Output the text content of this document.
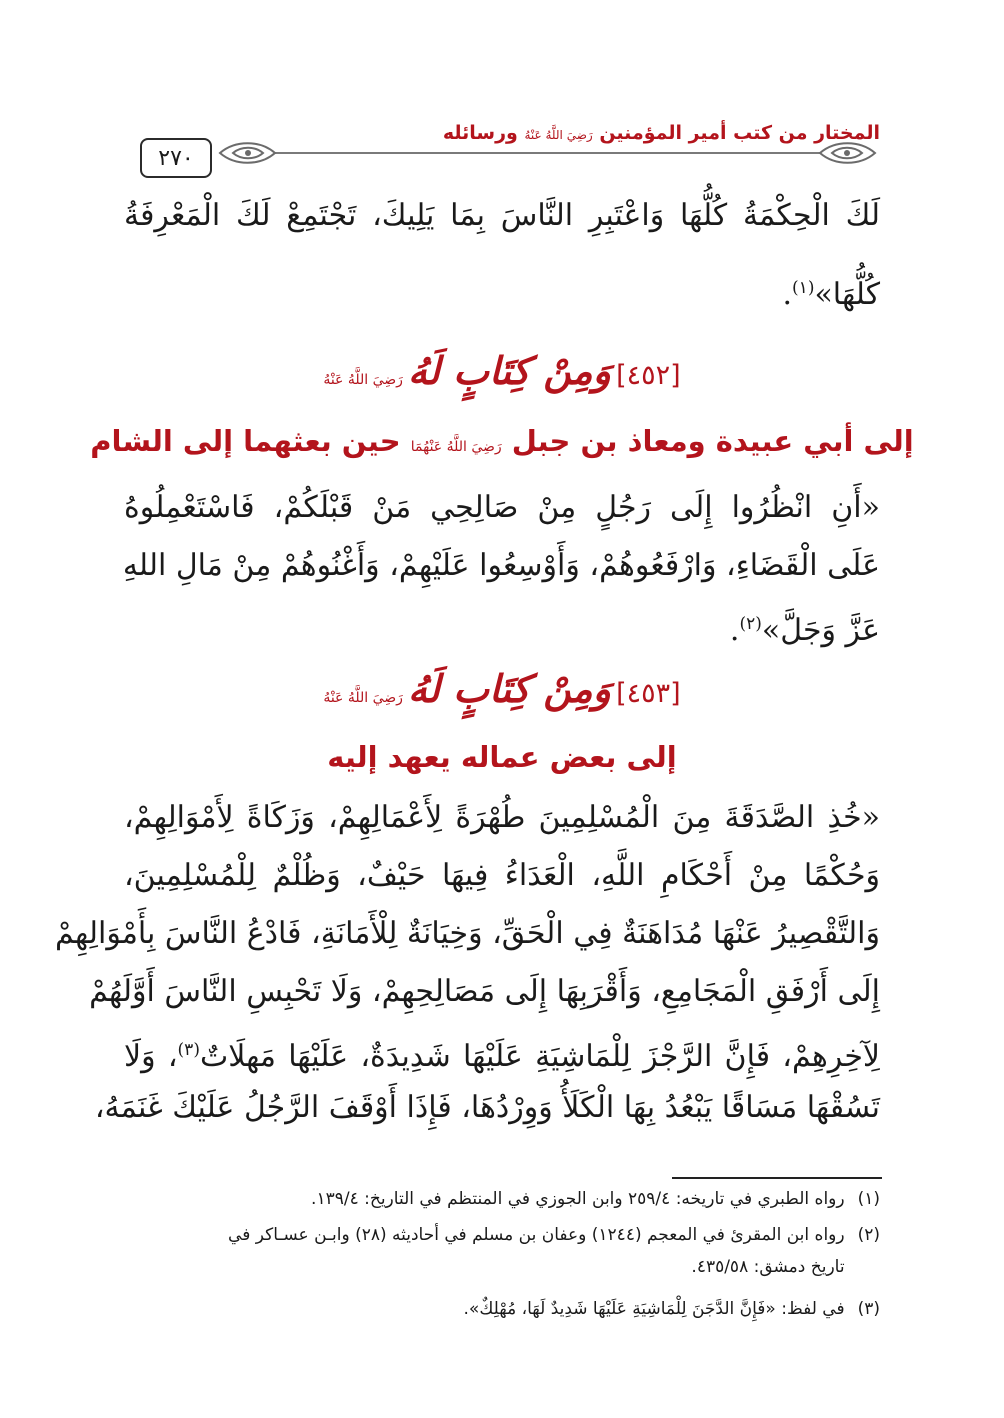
٢٧٠
المختار من كتب أمير المؤمنين رَضِيَ اللَّهُ عَنْهُ ورسائله
لَكَ الْحِكْمَةُ كُلُّهَا وَاعْتَبِرِ النَّاسَ بِمَا يَلِيكَ، تَجْتَمِعْ لَكَ الْمَعْرِفَةُ
كُلُّهَا»$^{(١)}$.
[٤٥٢] وَمِنْ كِتَابٍ لَهُ رَضِيَ اللَّهُ عَنْهُ
إلى أبي عبيدة ومعاذ بن جبل رَضِيَ اللَّهُ عَنْهُمَا حين بعثهما إلى الشام
«أَنِ انْظُرُوا إِلَى رَجُلٍ مِنْ صَالِحِي مَنْ قَبْلَكُمْ، فَاسْتَعْمِلُوهُ
عَلَى الْقَضَاءِ، وَارْفَعُوهُمْ، وَأَوْسِعُوا عَلَيْهِمْ، وَأَغْنُوهُمْ مِنْ مَالِ اللهِ
عَزَّ وَجَلَّ»$^{(٢)}$.
[٤٥٣] وَمِنْ كِتَابٍ لَهُ رَضِيَ اللَّهُ عَنْهُ
إلى بعض عماله يعهد إليه
«خُذِ الصَّدَقَةَ مِنَ الْمُسْلِمِينَ طُهْرَةً لِأَعْمَالِهِمْ، وَزَكَاةً لِأَمْوَالِهِمْ،
وَحُكْمًا مِنْ أَحْكَامِ اللَّهِ، الْعَدَاءُ فِيهَا حَيْفٌ، وَظُلْمٌ لِلْمُسْلِمِينَ،
وَالتَّقْصِيرُ عَنْهَا مُدَاهَنَةٌ فِي الْحَقِّ، وَخِيَانَةٌ لِلْأَمَانَةِ، فَادْعُ النَّاسَ بِأَمْوَالِهِمْ
إِلَى أَرْفَقِ الْمَجَامِعِ، وَأَقْرَبِهَا إِلَى مَصَالِحِهِمْ، وَلَا تَحْبِسِ النَّاسَ أَوَّلَهُمْ
لِآخِرِهِمْ، فَإِنَّ الرَّجْزَ لِلْمَاشِيَةِ عَلَيْهَا شَدِيدَةٌ، عَلَيْهَا مَهلَاتٌ$^{(٣)}$، وَلَا
تَسُقْهَا مَسَاقًا يَبْعُدُ بِهَا الْكَلَأُ وَوِرْدُهَا، فَإِذَا أَوْقَفَ الرَّجُلُ عَلَيْكَ غَنَمَهُ،
(١) رواه الطبري في تاريخه: ٢٥٩/٤ وابن الجوزي في المنتظم في التاريخ: ١٣٩/٤.
(٢) رواه ابن المقرئ في المعجم (١٢٤٤) وعفان بن مسلم في أحاديثه (٢٨) وابـن عسـاكر في
تاريخ دمشق: ٤٣٥/٥٨.
(٣) في لفظ: «فَإِنَّ الدَّجَنَ لِلْمَاشِيَةِ عَلَيْهَا شَدِيدٌ لَهَا، مُهْلِكٌ».
